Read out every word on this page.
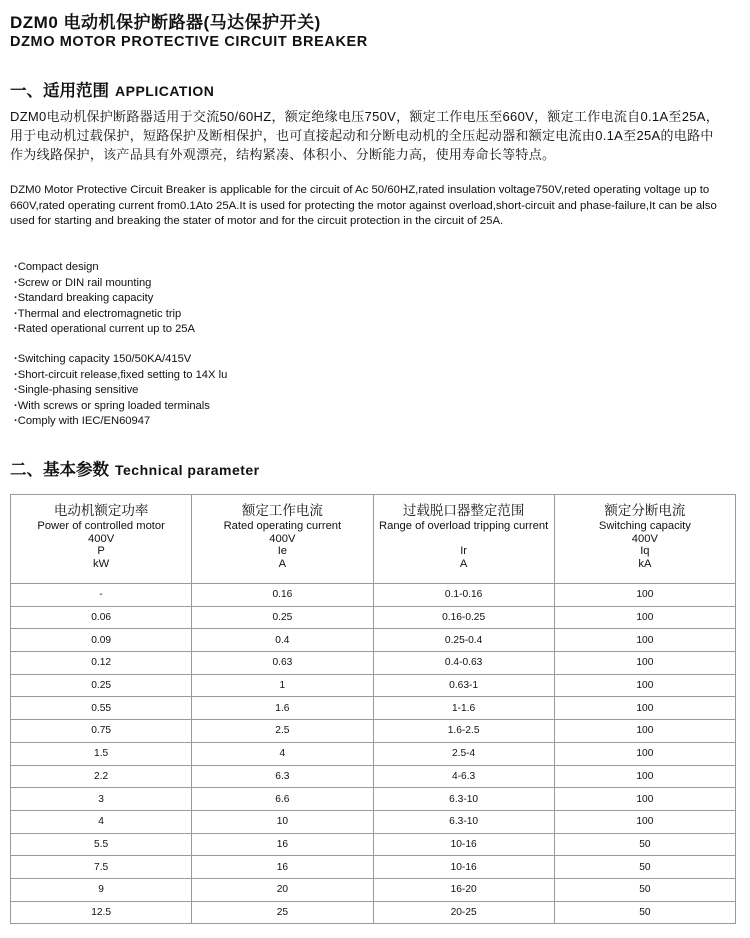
DZM0 电动机保护断路器(马达保护开关)
DZMO MOTOR PROTECTIVE CIRCUIT BREAKER
一、适用范围 APPLICATION
DZM0电动机保护断路器适用于交流50/60HZ，额定绝缘电压750V，额定工作电压至660V，额定工作电流自0.1A至25A，用于电动机过载保护，短路保护及断相保护，也可直接起动和分断电动机的全压起动器和额定电流由0.1A至25A的电路中作为线路保护，该产品具有外观漂亮，结构紧凑、体积小、分断能力高，使用寿命长等特点。
DZM0 Motor Protective Circuit Breaker is applicable for the circuit of Ac 50/60HZ,rated insulation voltage750V,reted operating voltage up to 660V,rated operating current from0.1Ato 25A.It is used for protecting the motor against overload,short-circuit and phase-failure,It can be also used for starting and breaking the stater of motor and for the circuit protection in the circuit of 25A.
· Compact design
· Screw or DIN rail mounting
· Standard breaking capacity
· Thermal and electromagnetic trip
· Rated operational current up to 25A
· Switching capacity 150/50KA/415V
· Short-circuit release,fixed setting to 14X lu
· Single-phasing sensitive
· With screws or spring loaded terminals
· Comply with IEC/EN60947
二、基本参数 Technical parameter
电动机额定功率
Power of controlled motor
400V
P
kW	额定工作电流
Rated operating current
400V
Ie
A	过载脱口器整定范围
Range of overload tripping current
Ir
A	额定分断电流
Switching capacity
400V
Iq
kA

-	0.16	0.1-0.16	100
0.06	0.25	0.16-0.25	100
0.09	0.4	0.25-0.4	100
0.12	0.63	0.4-0.63	100
0.25	1	0.63-1	100
0.55	1.6	1-1.6	100
0.75	2.5	1.6-2.5	100
1.5	4	2.5-4	100
2.2	6.3	4-6.3	100
3	6.6	6.3-10	100
4	10	6.3-10	100
5.5	16	10-16	50
7.5	16	10-16	50
9	20	16-20	50
12.5	25	20-25	50
